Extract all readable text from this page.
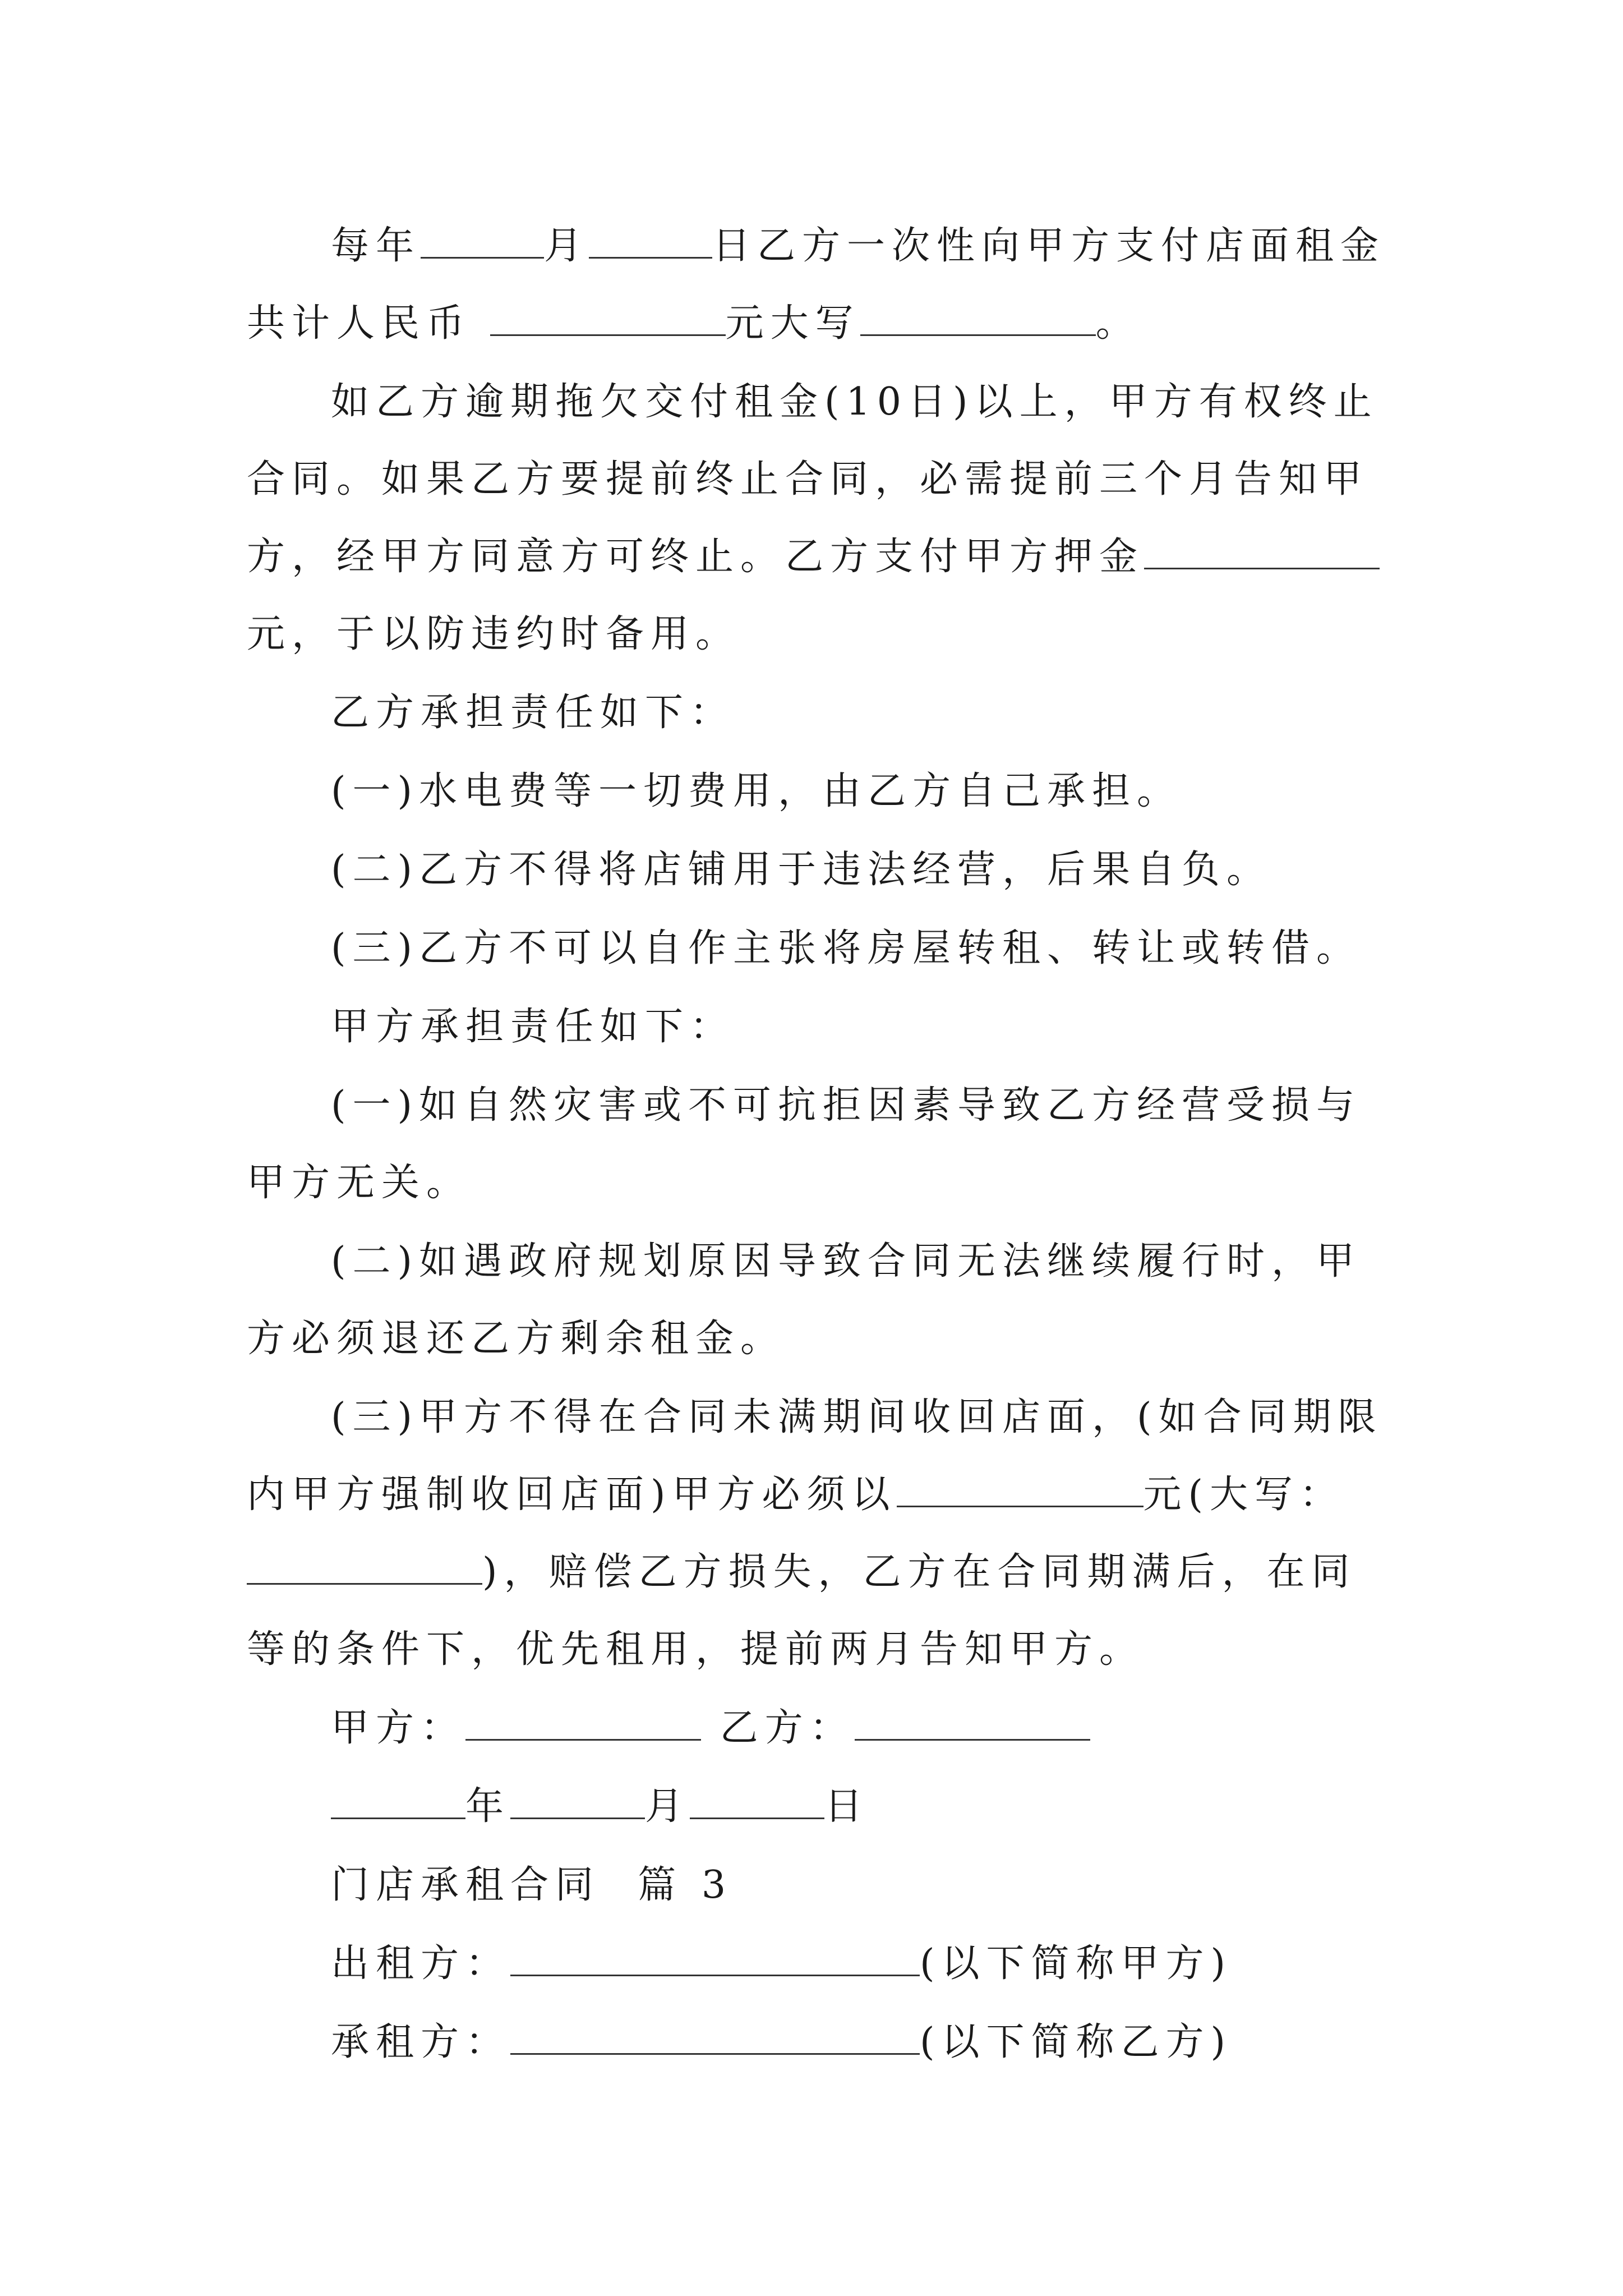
每年	月	日乙方一次性向甲方支付店面租金共计人民币	元大写	。

如乙方逾期拖欠交付租金(10日)以上，甲方有权终止合同。如果乙方要提前终止合同，必需提前三个月告知甲方，经甲方同意方可终止。乙方支付甲方押金元，于以防违约时备用。

乙方承担责任如下：

(一)水电费等一切费用，由乙方自己承担。

(二)乙方不得将店铺用于违法经营，后果自负。

(三)乙方不可以自作主张将房屋转租、转让或转借。

甲方承担责任如下：

(一)如自然灾害或不可抗拒因素导致乙方经营受损与甲方无关。

(二)如遇政府规划原因导致合同无法继续履行时，甲方必须退还乙方剩余租金。

(三)甲方不得在合同未满期间收回店面，(如合同期限内甲方强制收回店面)甲方必须以	元(大写：)，赔偿乙方损失，乙方在合同期满后，在同等的条件下，优先租用，提前两月告知甲方。

甲方：	乙方：

年	月	日

门店承租合同  篇 3

出租方：	(以下简称甲方)

承租方：	(以下简称乙方)
